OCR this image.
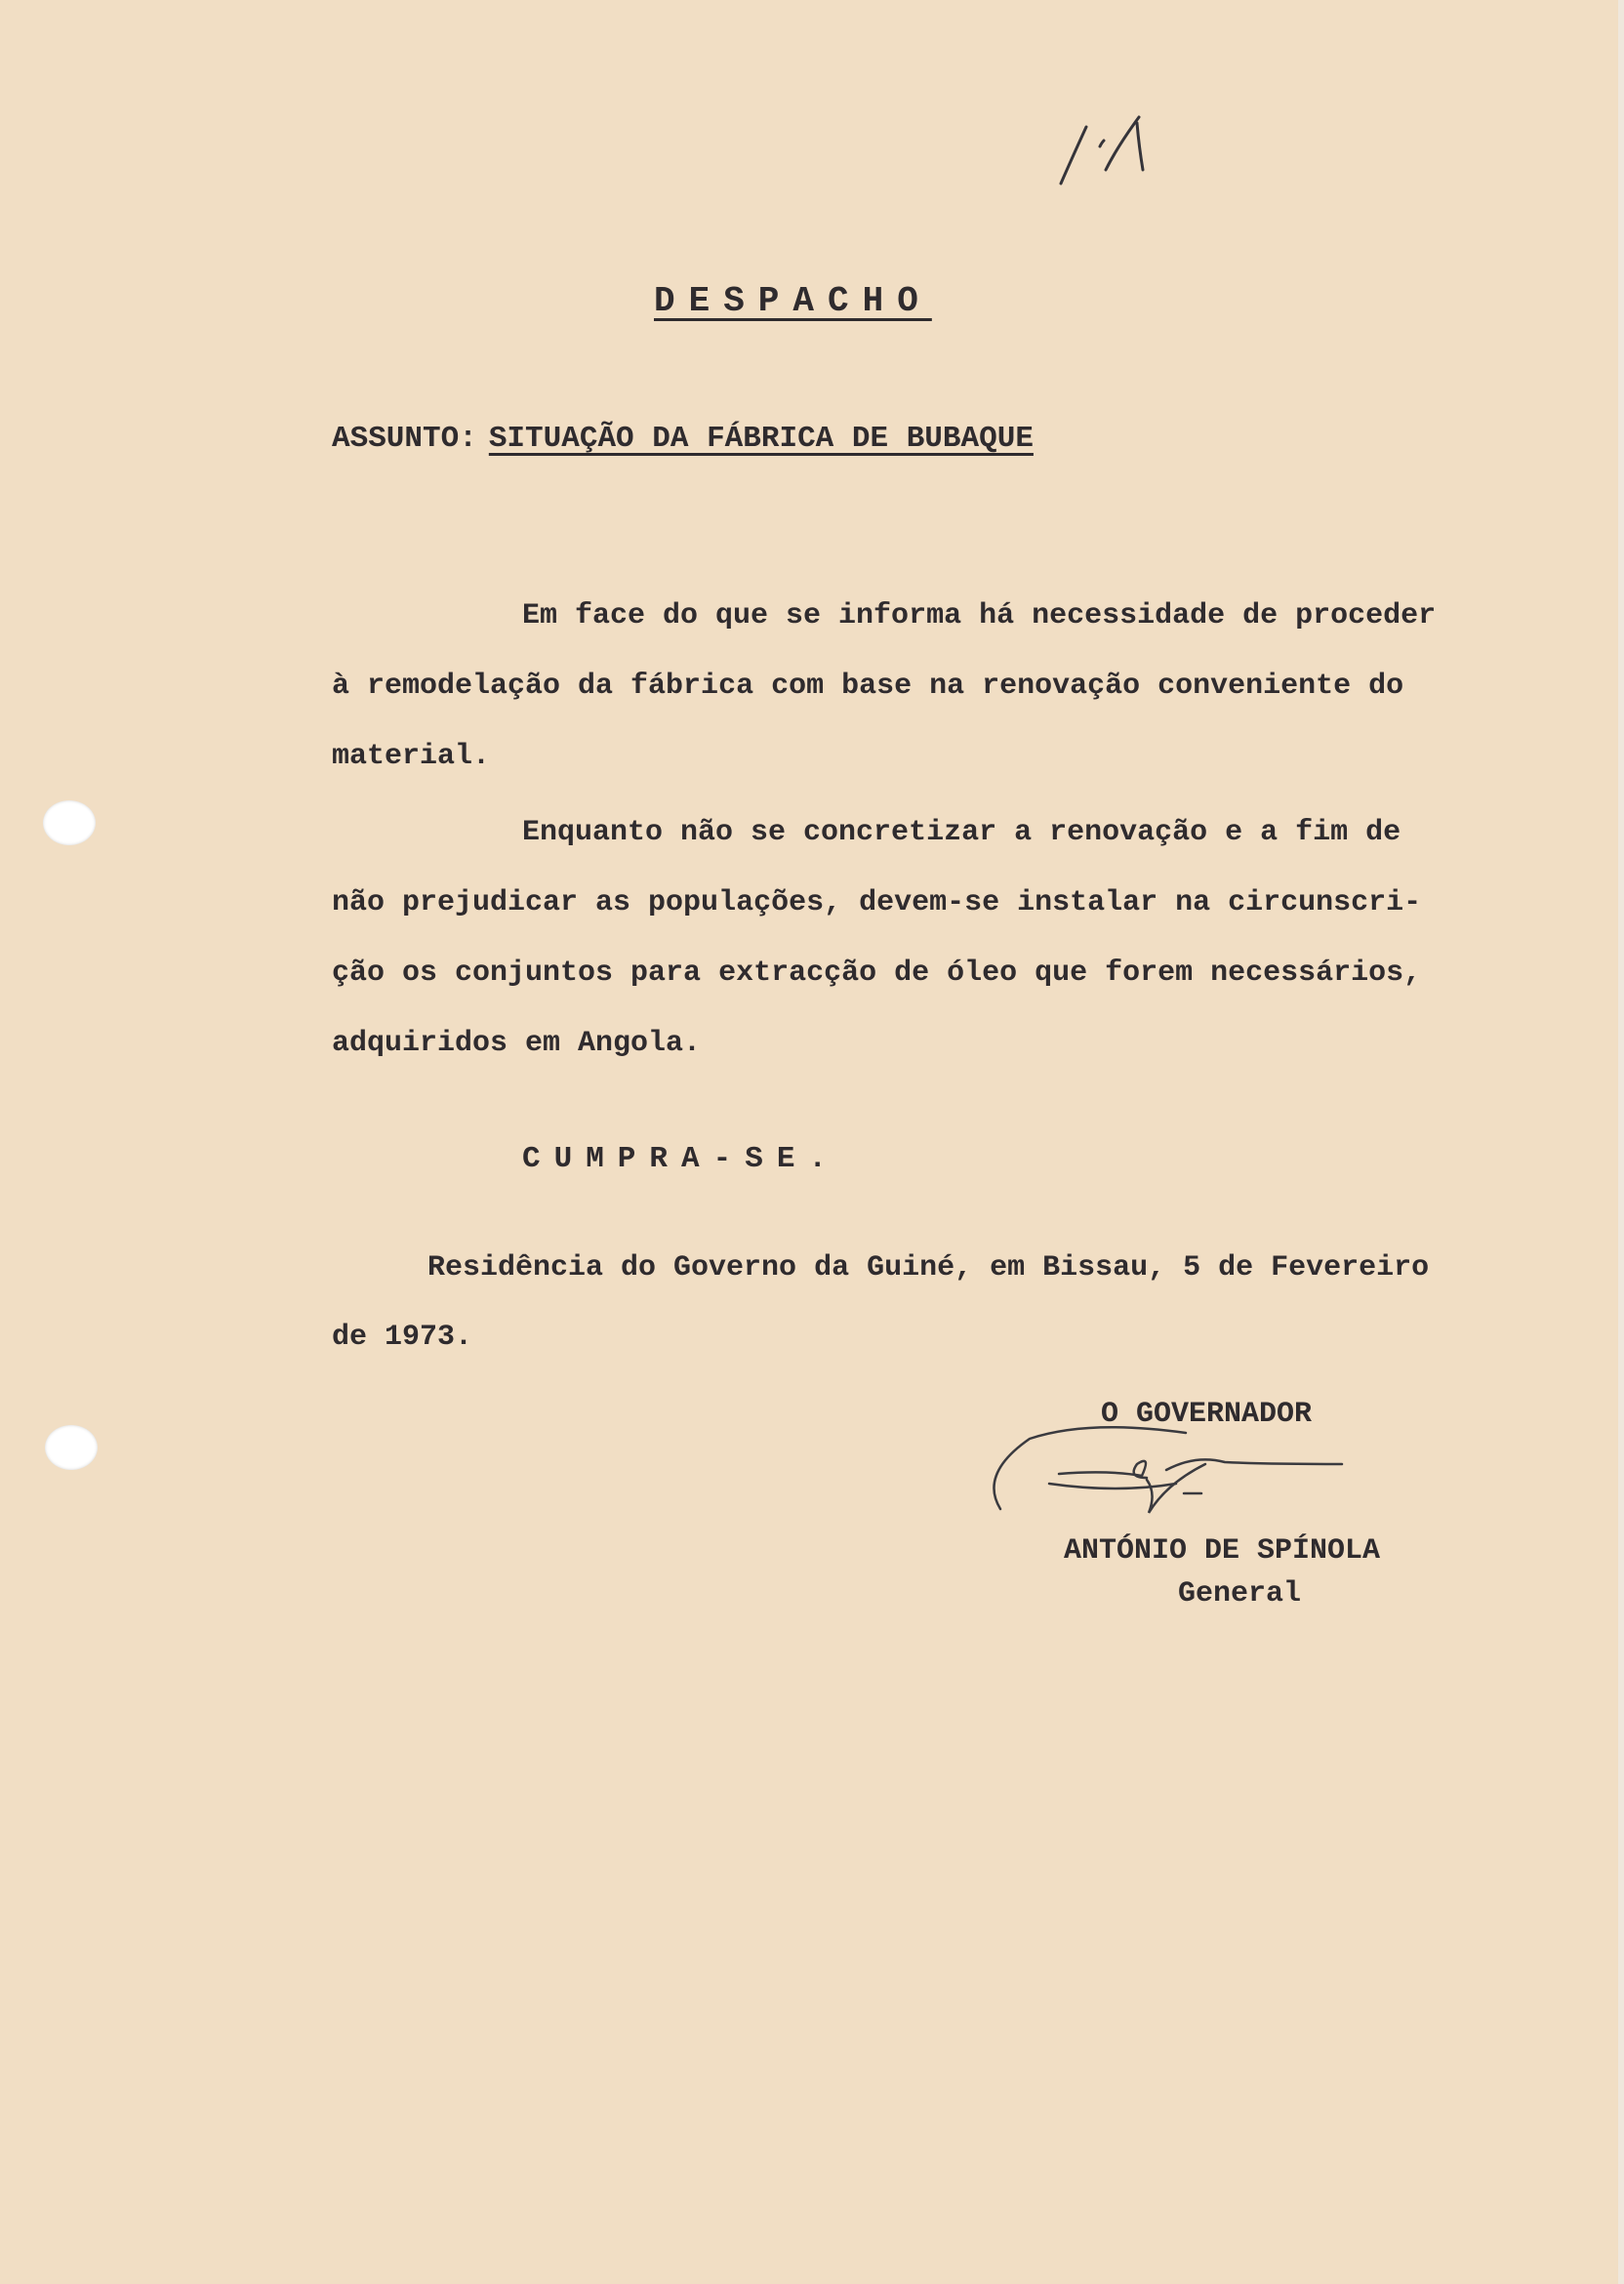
DESPACHO
ASSUNTO: SITUAÇÃO DA FÁBRICA DE BUBAQUE
Em face do que se informa há necessidade de proceder
à remodelação da fábrica com base na renovação conveniente do
material.
Enquanto não se concretizar a renovação e a fim de
não prejudicar as populações, devem-se instalar na circunscri-
ção os conjuntos para extracção de óleo que forem necessários,
adquiridos em Angola.
CUMPRA-SE.
Residência do Governo da Guiné, em Bissau, 5 de Fevereiro
de 1973.
O GOVERNADOR
ANTÓNIO DE SPÍNOLA
General
